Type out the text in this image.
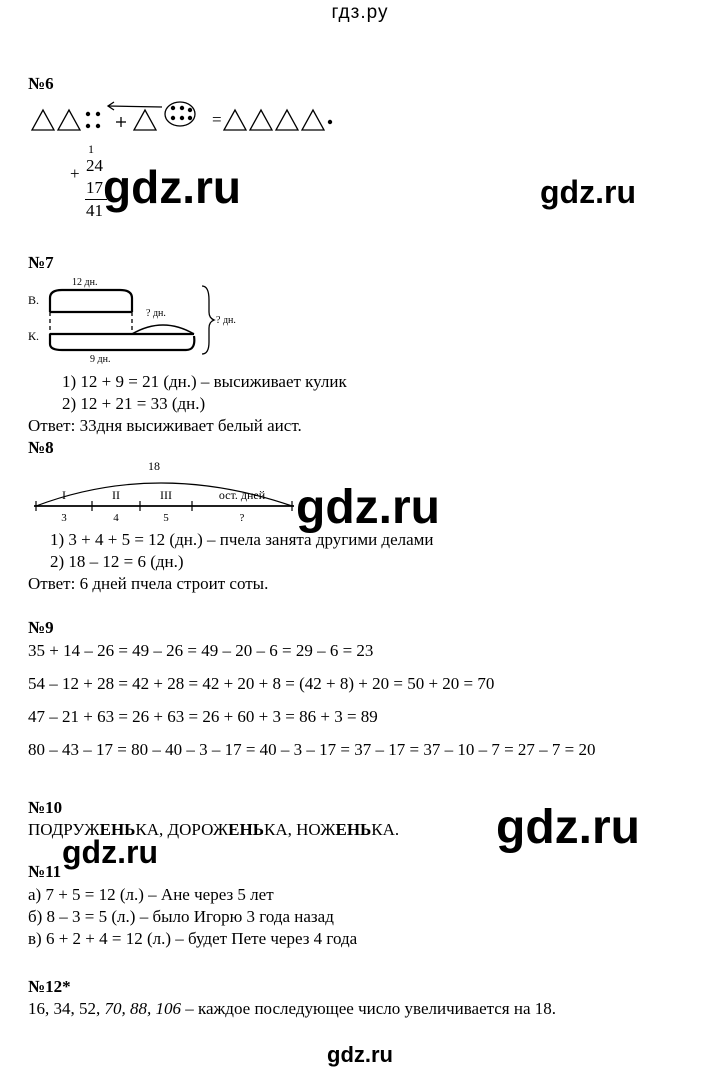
гдз.ру
№6
=
1
+ 24
17
41 gdz.ru	gdz.ru
№7
12 дн.
В.
К.
? дн.
? дн.
9 дн.
1) 12 + 9 = 21 (дн.) – высиживает кулик
2) 12 + 21 = 33 (дн.)
Ответ: 33дня высиживает белый аист.
№8
18
I	II	III	ост. дней
3	4	5	? gdz.ru
1) 3 + 4 + 5 = 12 (дн.) – пчела занята другими делами
2) 18 – 12 = 6 (дн.)
Ответ: 6 дней пчела строит соты.
№9
35 + 14 – 26 = 49 – 26 = 49 – 20 – 6 = 29 – 6 = 23
54 – 12 + 28 = 42 + 28 = 42 + 20 + 8 = (42 + 8) + 20 = 50 + 20 = 70
47 – 21 + 63 = 26 + 63 = 26 + 60 + 3 = 86 + 3 = 89
80 – 43 – 17 = 80 – 40 – 3 – 17 = 40 – 3 – 17 = 37 – 17 = 37 – 10 – 7 = 27 – 7 = 20
№10
ПОДРУЖЕНЬКА, ДОРОЖЕНЬКА, НОЖЕНЬКА. gdz.ru
gdz.ru
№11
а) 7 + 5 = 12 (л.) – Ане через 5 лет
б) 8 – 3 = 5 (л.) – было Игорю 3 года назад
в) 6 + 2 + 4 = 12 (л.) – будет Пете через 4 года
№12*
16, 34, 52, 70, 88, 106 – каждое последующее число увеличивается на 18.
gdz.ru
